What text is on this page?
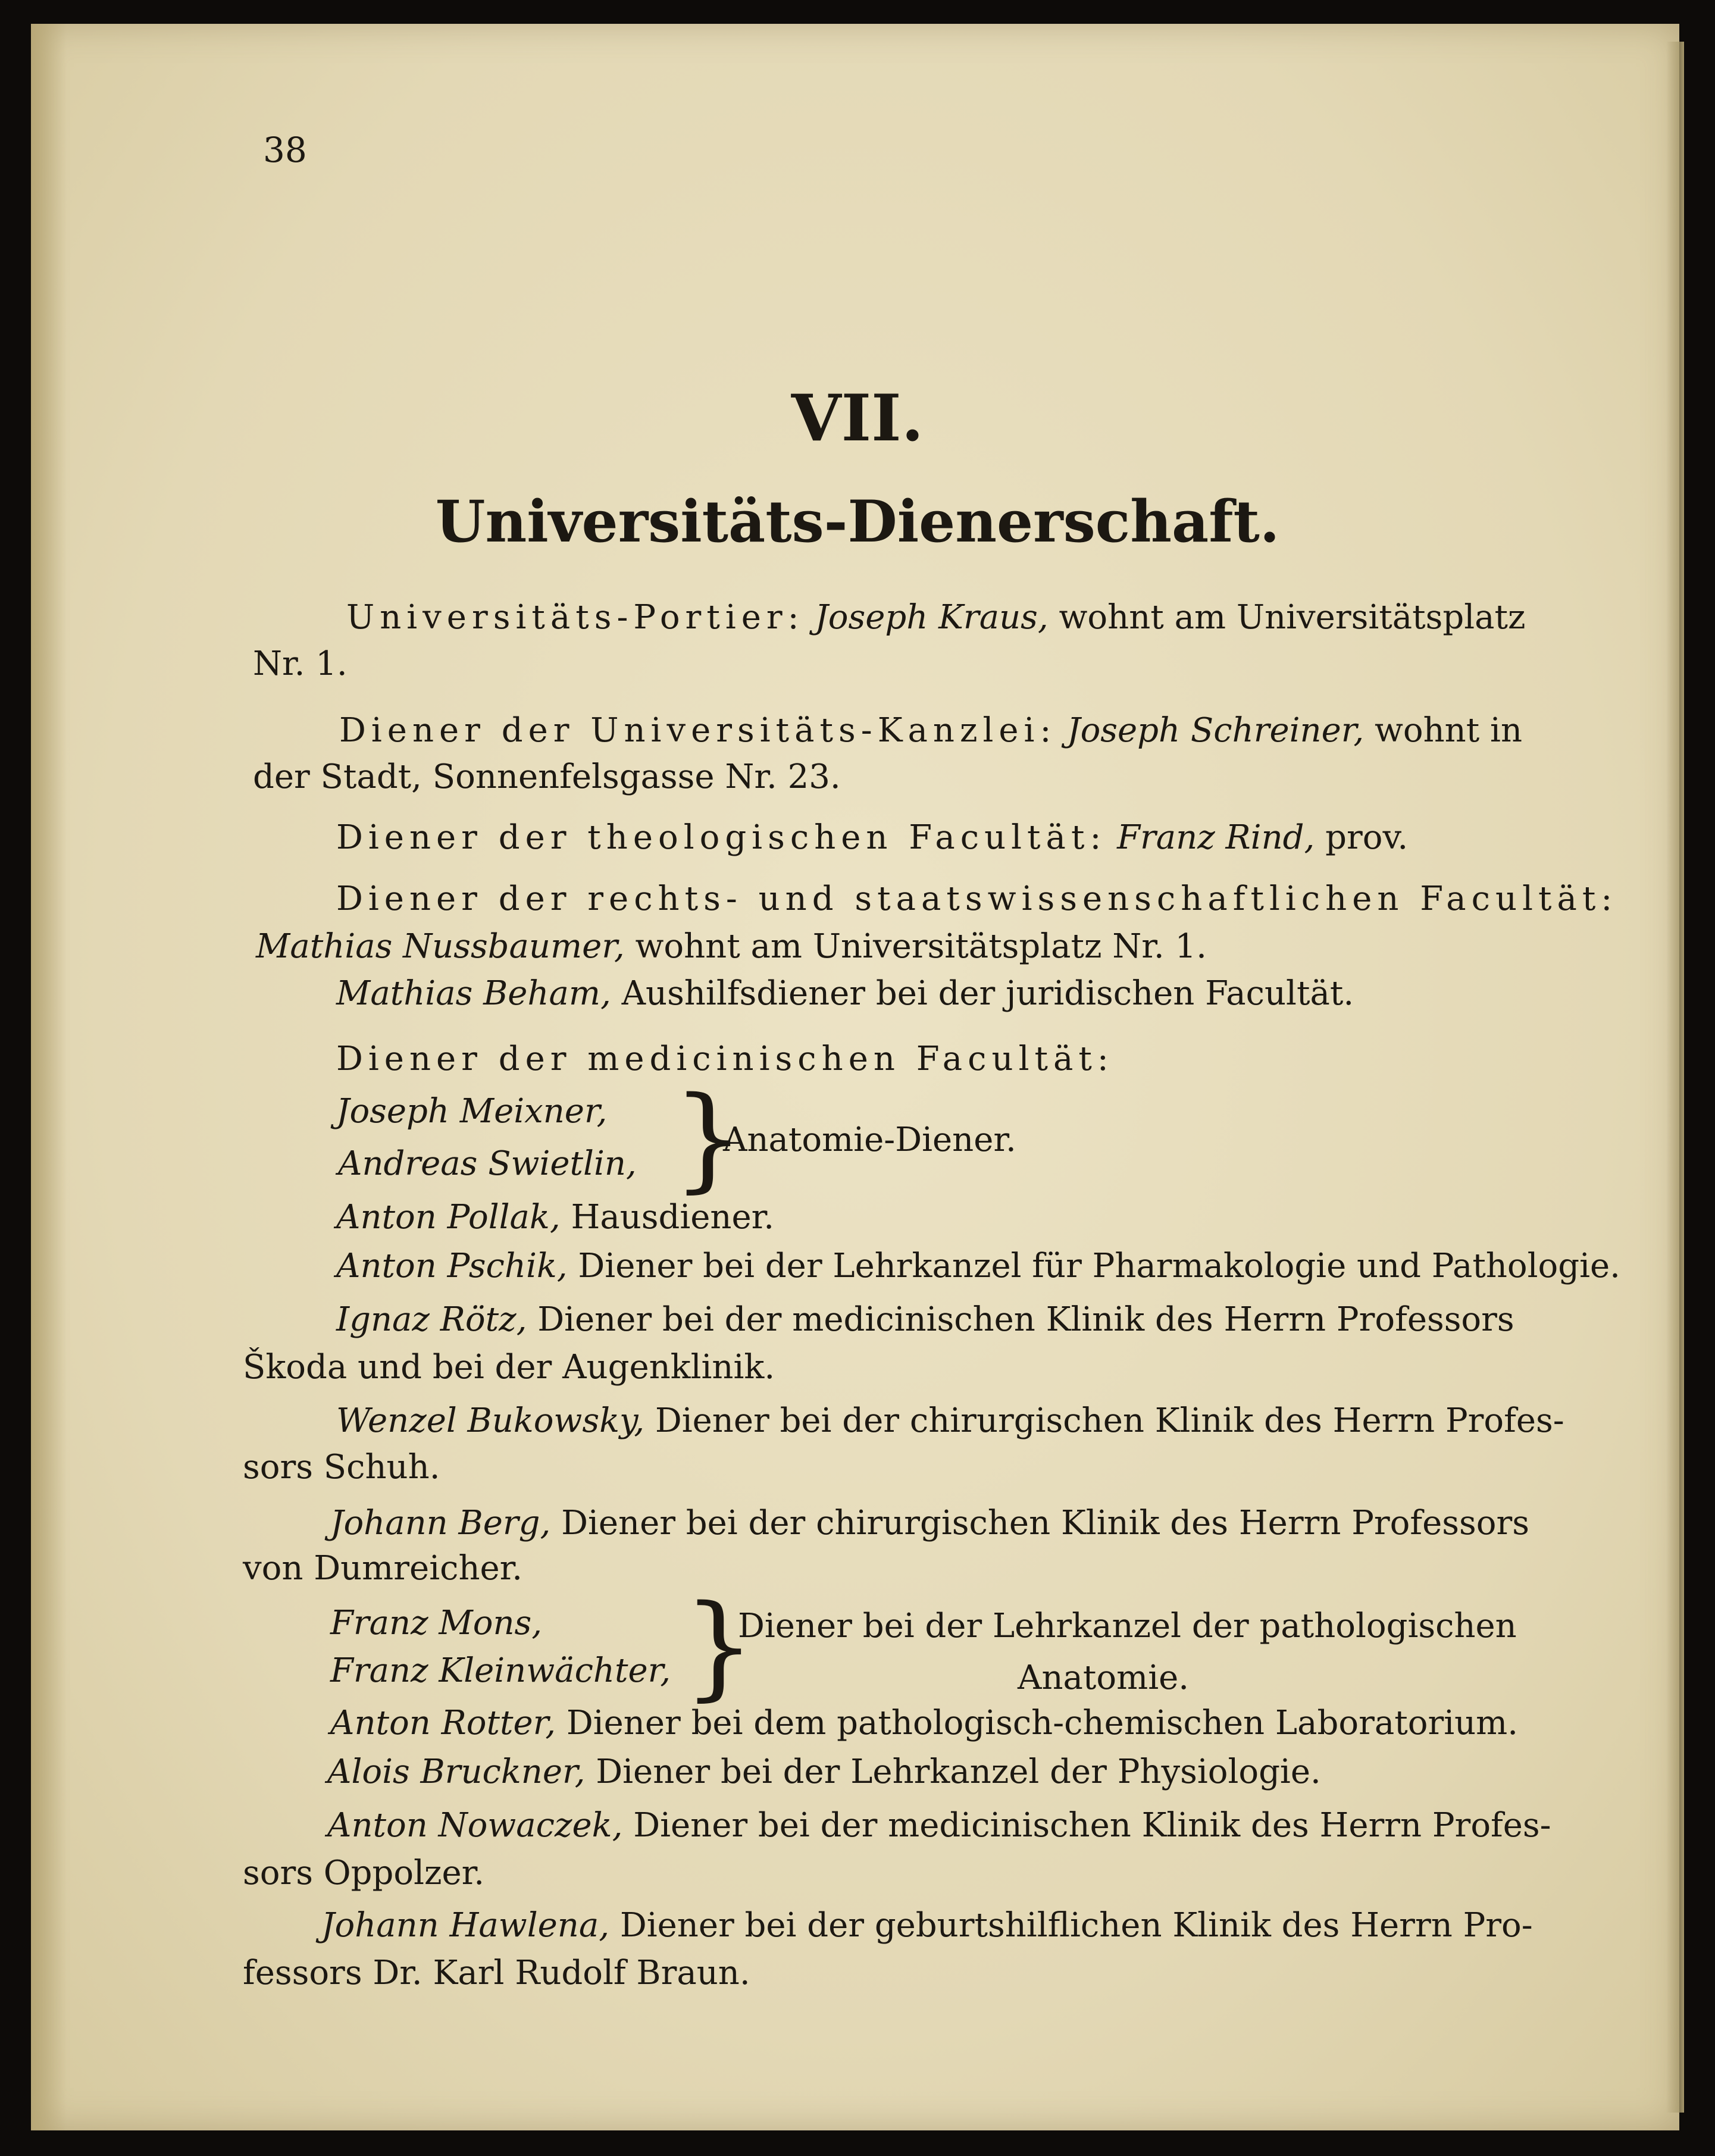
38
VII.
Universitäts-Dienerschaft.
Universitäts-Portier: Joseph Kraus, wohnt am Universitätsplatz
Nr. 1.
Diener der Universitäts-Kanzlei: Joseph Schreiner, wohnt in
der Stadt, Sonnenfelsgasse Nr. 23.
Diener der theologischen Facultät: Franz Rind, prov.
Diener der rechts- und staatswissenschaftlichen Facultät:
Mathias Nussbaumer, wohnt am Universitätsplatz Nr. 1.
Mathias Beham, Aushilfsdiener bei der juridischen Facultät.
Diener der medicinischen Facultät:
Joseph Meixner,
Andreas Swietlin, }
Anatomie-Diener.
Anton Pollak, Hausdiener.
Anton Pschik, Diener bei der Lehrkanzel für Pharmakologie und Pathologie.
Ignaz Rötz, Diener bei der medicinischen Klinik des Herrn Professors
Škoda und bei der Augenklinik.
Wenzel Bukowsky, Diener bei der chirurgischen Klinik des Herrn Profes-
sors Schuh.
Johann Berg, Diener bei der chirurgischen Klinik des Herrn Professors
von Dumreicher.
Franz Mons,
Franz Kleinwächter, }
Diener bei der Lehrkanzel der pathologischen
Anatomie.
Anton Rotter, Diener bei dem pathologisch-chemischen Laboratorium.
Alois Bruckner, Diener bei der Lehrkanzel der Physiologie.
Anton Nowaczek, Diener bei der medicinischen Klinik des Herrn Profes-
sors Oppolzer.
Johann Hawlena, Diener bei der geburtshilflichen Klinik des Herrn Pro-
fessors Dr. Karl Rudolf Braun.
